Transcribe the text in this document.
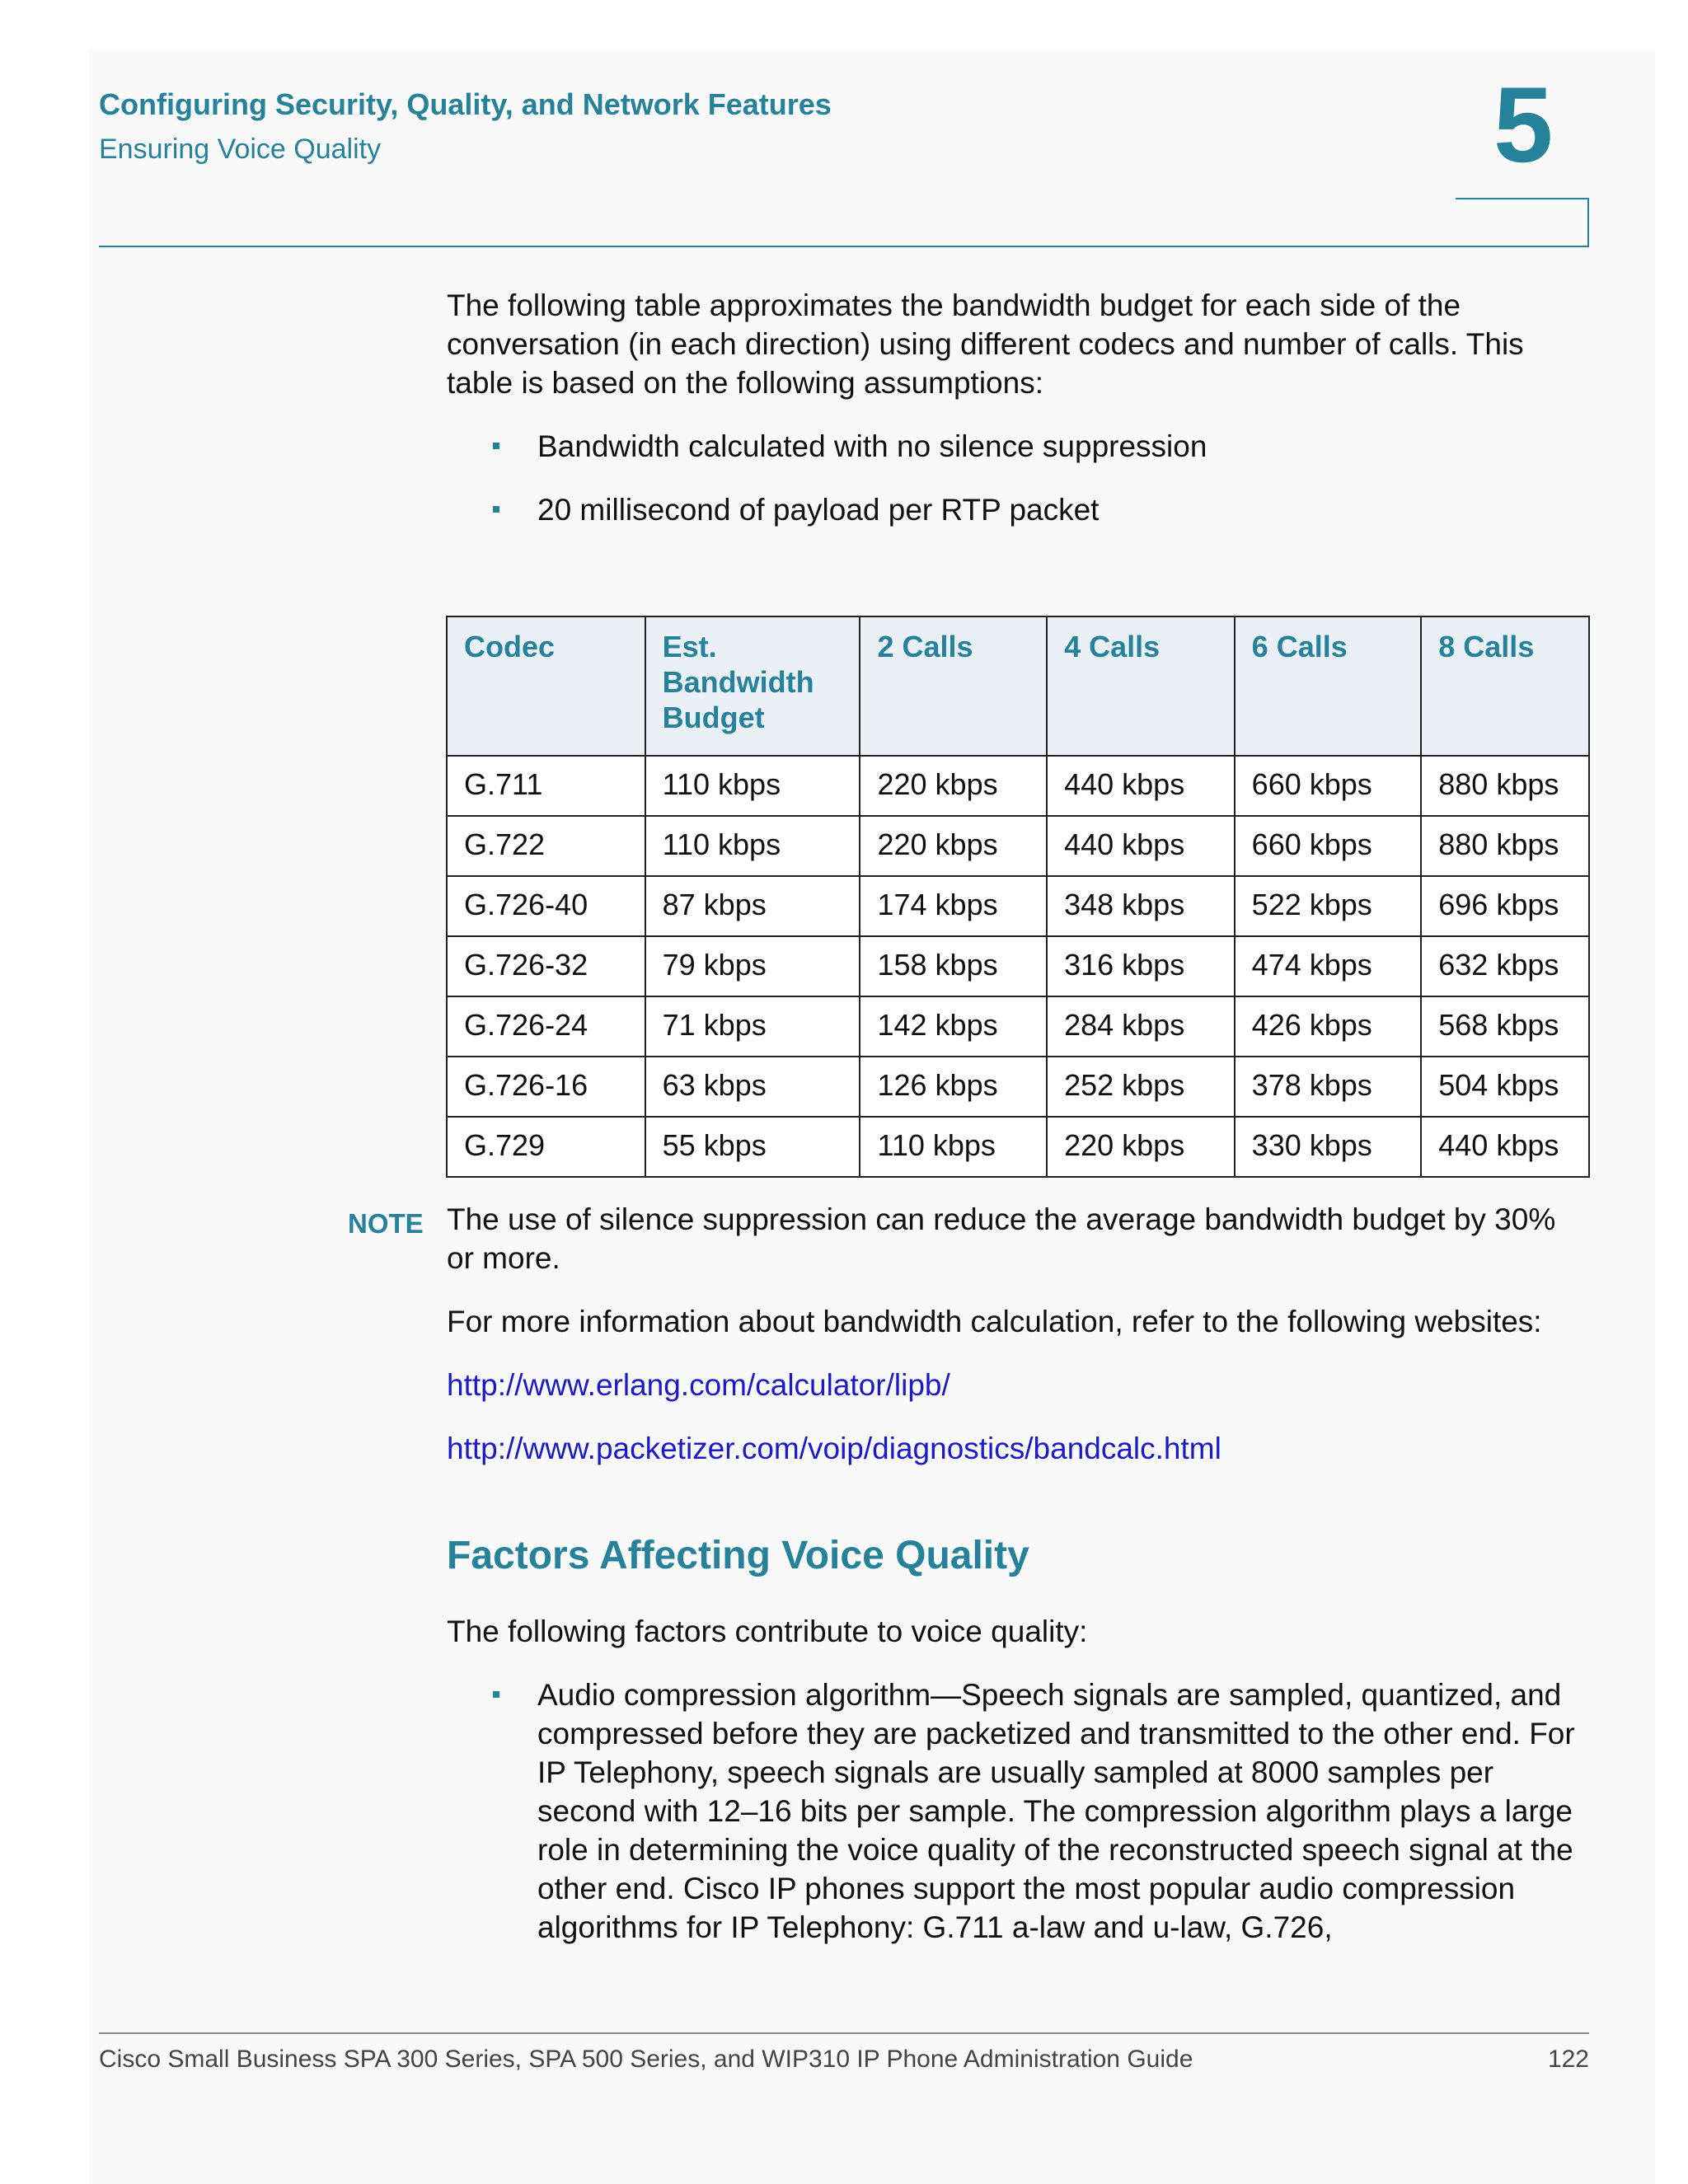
Configuring Security, Quality, and Network Features
Ensuring Voice Quality	5
The following table approximates the bandwidth budget for each side of the conversation (in each direction) using different codecs and number of calls. This table is based on the following assumptions:
Bandwidth calculated with no silence suppression
20 millisecond of payload per RTP packet
Codec	Est. Bandwidth Budget	2 Calls	4 Calls	6 Calls	8 Calls
G.711	110 kbps	220 kbps	440 kbps	660 kbps	880 kbps
G.722	110 kbps	220 kbps	440 kbps	660 kbps	880 kbps
G.726-40	87 kbps	174 kbps	348 kbps	522 kbps	696 kbps
G.726-32	79 kbps	158 kbps	316 kbps	474 kbps	632 kbps
G.726-24	71 kbps	142 kbps	284 kbps	426 kbps	568 kbps
G.726-16	63 kbps	126 kbps	252 kbps	378 kbps	504 kbps
G.729	55 kbps	110 kbps	220 kbps	330 kbps	440 kbps
NOTE The use of silence suppression can reduce the average bandwidth budget by 30% or more.
For more information about bandwidth calculation, refer to the following websites:
http://www.erlang.com/calculator/lipb/
http://www.packetizer.com/voip/diagnostics/bandcalc.html
Factors Affecting Voice Quality
The following factors contribute to voice quality:
Audio compression algorithm—Speech signals are sampled, quantized, and compressed before they are packetized and transmitted to the other end. For IP Telephony, speech signals are usually sampled at 8000 samples per second with 12–16 bits per sample. The compression algorithm plays a large role in determining the voice quality of the reconstructed speech signal at the other end. Cisco IP phones support the most popular audio compression algorithms for IP Telephony: G.711 a-law and u-law, G.726,
Cisco Small Business SPA 300 Series, SPA 500 Series, and WIP310 IP Phone Administration Guide	122
